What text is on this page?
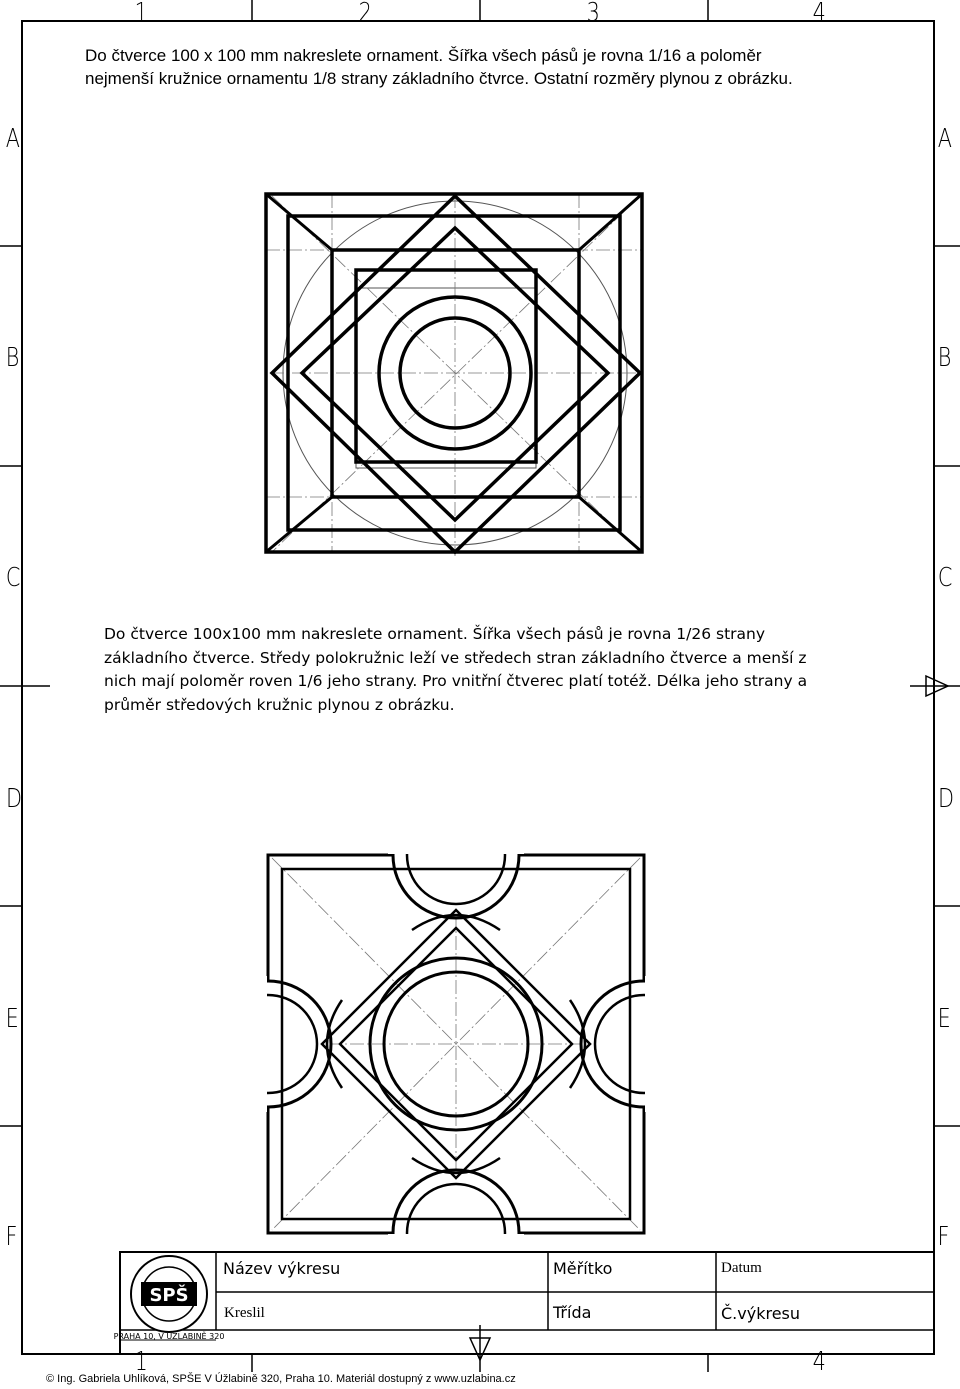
1	2	3	4
1	4
A
B
C
D
E
F
A
B
C
D
E
F
SPŠ
PRAHA 10, V ÚŽLABINĚ 320
Do čtverce 100 x 100 mm nakreslete ornament. Šířka všech pásů je rovna 1/16 a poloměr
nejmenší kružnice ornamentu 1/8 strany základního čtvrce. Ostatní rozměry plynou z obrázku.
Do čtverce 100x100 mm nakreslete ornament. Šířka všech pásů je rovna 1/26 strany
základního čtverce. Středy polokružnic leží ve středech stran základního čtverce a menší z
nich mají poloměr roven 1/6 jeho strany. Pro vnitřní čtverec platí totéž. Délka jeho strany a
průměr středových kružnic plynou z obrázku.
Název výkresu	Měřítko	Datum
Kreslil	Třída	Č.výkresu
© Ing. Gabriela Uhlíková, SPŠE V Úžlabině 320, Praha 10. Materiál dostupný z www.uzlabina.cz
